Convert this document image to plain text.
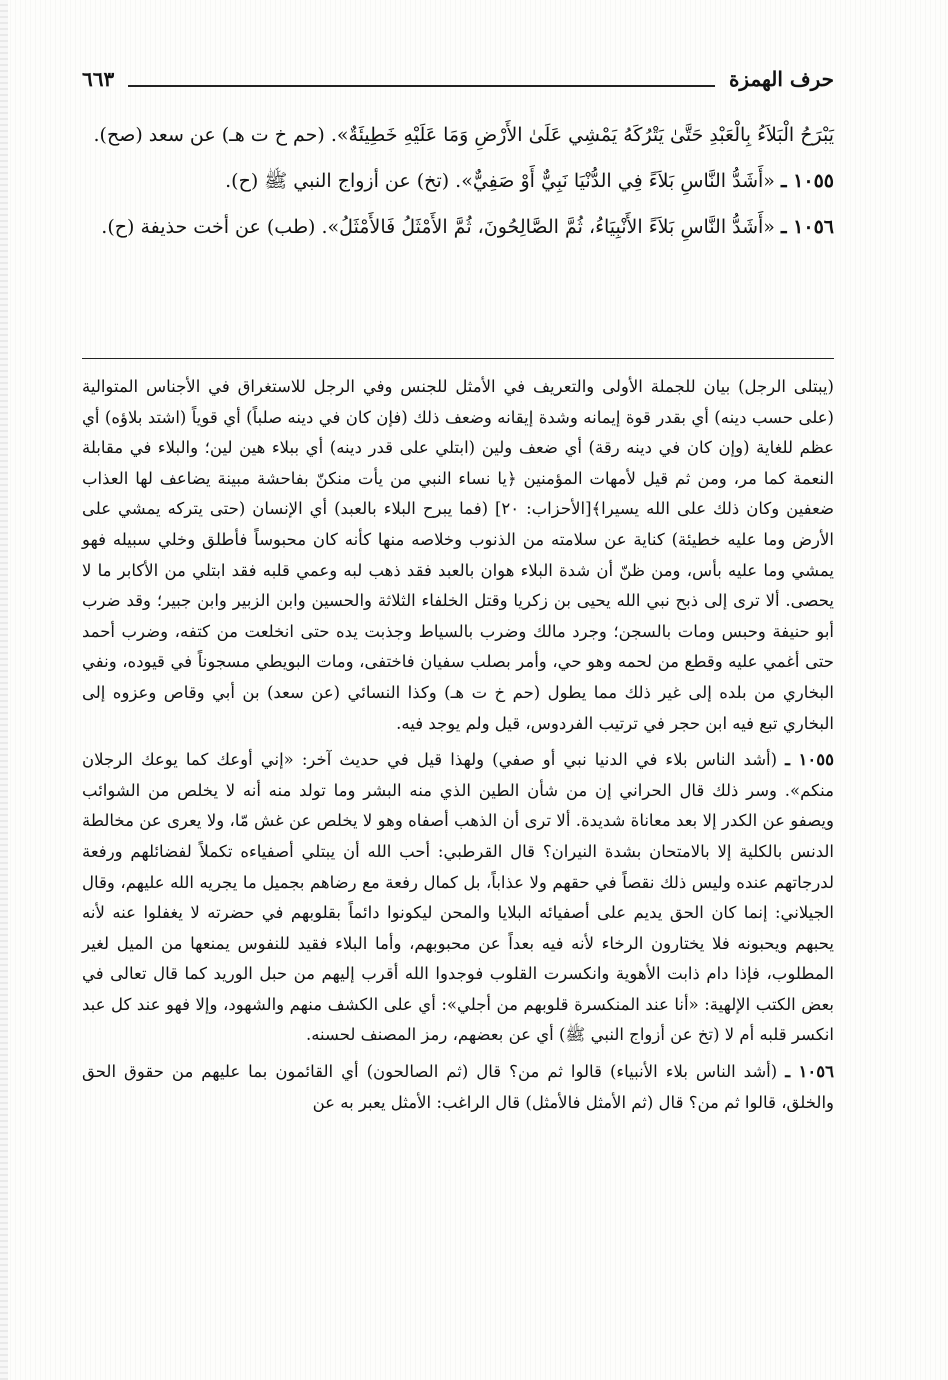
حرف الهمزة
٦٦٣

يَبْرَحُ الْبَلاَءُ بِالْعَبْدِ حَتَّىٰ يَتْرُكَهُ يَمْشِي عَلَىٰ الأَرْضِ وَمَا عَلَيْهِ خَطِيئَةٌ». (حم خ ت هـ) عن سعد (صح).

١٠٥٥ ـ «أَشَدُّ النَّاسِ بَلاَءً فِي الدُّنْيَا نَبِيٌّ أَوْ صَفِيٌّ». (تخ) عن أزواج النبي ﷺ (ح).

١٠٥٦ ـ «أَشَدُّ النَّاسِ بَلاَءً الأَنْبِيَاءُ، ثُمَّ الصَّالِحُونَ، ثُمَّ الأَمْثَلُ فَالأَمْثَلُ». (طب) عن أخت حذيفة (ح).

(يبتلى الرجل) بيان للجملة الأولى والتعريف في الأمثل للجنس وفي الرجل للاستغراق في الأجناس المتوالية (على حسب دينه) أي بقدر قوة إيمانه وشدة إيقانه وضعف ذلك (فإن كان في دينه صلباً) أي قوياً (اشتد بلاؤه) أي عظم للغاية (وإن كان في دينه رقة) أي ضعف ولين (ابتلي على قدر دينه) أي ببلاء هين لين؛ والبلاء في مقابلة النعمة كما مر، ومن ثم قيل لأمهات المؤمنين ﴿يا نساء النبي من يأت منكنّ بفاحشة مبينة يضاعف لها العذاب ضعفين وكان ذلك على الله يسيرا﴾[الأحزاب: ٢٠] (فما يبرح البلاء بالعبد) أي الإنسان (حتى يتركه يمشي على الأرض وما عليه خطيئة) كناية عن سلامته من الذنوب وخلاصه منها كأنه كان محبوساً فأطلق وخلي سبيله فهو يمشي وما عليه بأس، ومن ظنّ أن شدة البلاء هوان بالعبد فقد ذهب لبه وعمي قلبه فقد ابتلي من الأكابر ما لا يحصى. ألا ترى إلى ذبح نبي الله يحيى بن زكريا وقتل الخلفاء الثلاثة والحسين وابن الزبير وابن جبير؛ وقد ضرب أبو حنيفة وحبس ومات بالسجن؛ وجرد مالك وضرب بالسياط وجذبت يده حتى انخلعت من كتفه، وضرب أحمد حتى أغمي عليه وقطع من لحمه وهو حي، وأمر بصلب سفيان فاختفى، ومات البويطي مسجوناً في قيوده، ونفي البخاري من بلده إلى غير ذلك مما يطول (حم خ ت هـ) وكذا النسائي (عن سعد) بن أبي وقاص وعزوه إلى البخاري تبع فيه ابن حجر في ترتيب الفردوس، قيل ولم يوجد فيه.

١٠٥٥ ـ (أشد الناس بلاء في الدنيا نبي أو صفي) ولهذا قيل في حديث آخر: «إني أوعك كما يوعك الرجلان منكم». وسر ذلك قال الحراني إن من شأن الطين الذي منه البشر وما تولد منه أنه لا يخلص من الشوائب ويصفو عن الكدر إلا بعد معاناة شديدة. ألا ترى أن الذهب أصفاه وهو لا يخلص عن غش مّا، ولا يعرى عن مخالطة الدنس بالكلية إلا بالامتحان بشدة النيران؟ قال القرطبي: أحب الله أن يبتلي أصفياءه تكملاً لفضائلهم ورفعة لدرجاتهم عنده وليس ذلك نقصاً في حقهم ولا عذاباً، بل كمال رفعة مع رضاهم بجميل ما يجريه الله عليهم، وقال الجيلاني: إنما كان الحق يديم على أصفيائه البلايا والمحن ليكونوا دائماً بقلوبهم في حضرته لا يغفلوا عنه لأنه يحبهم ويحبونه فلا يختارون الرخاء لأنه فيه بعداً عن محبوبهم، وأما البلاء فقيد للنفوس يمنعها من الميل لغير المطلوب، فإذا دام ذابت الأهوية وانكسرت القلوب فوجدوا الله أقرب إليهم من حبل الوريد كما قال تعالى في بعض الكتب الإلهية: «أنا عند المنكسرة قلوبهم من أجلي»: أي على الكشف منهم والشهود، وإلا فهو عند كل عبد انكسر قلبه أم لا (تخ عن أزواج النبي ﷺ) أي عن بعضهم، رمز المصنف لحسنه.

١٠٥٦ ـ (أشد الناس بلاء الأنبياء) قالوا ثم من؟ قال (ثم الصالحون) أي القائمون بما عليهم من حقوق الحق والخلق، قالوا ثم من؟ قال (ثم الأمثل فالأمثل) قال الراغب: الأمثل يعبر به عن
